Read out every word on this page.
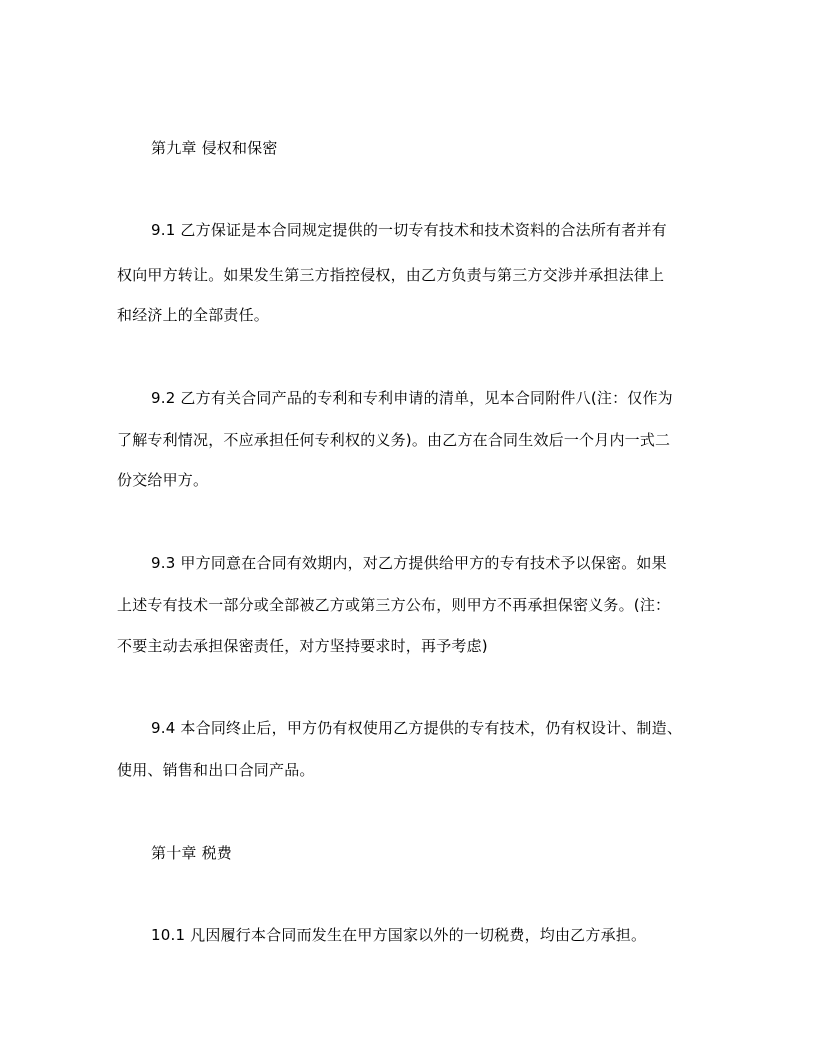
第九章 侵权和保密
9.1 乙方保证是本合同规定提供的一切专有技术和技术资料的合法所有者并有
权向甲方转让。如果发生第三方指控侵权，由乙方负责与第三方交涉并承担法律上
和经济上的全部责任。
9.2 乙方有关合同产品的专利和专利申请的清单，见本合同附件八(注：仅作为
了解专利情况，不应承担任何专利权的义务)。由乙方在合同生效后一个月内一式二
份交给甲方。
9.3 甲方同意在合同有效期内，对乙方提供给甲方的专有技术予以保密。如果
上述专有技术一部分或全部被乙方或第三方公布，则甲方不再承担保密义务。(注：
不要主动去承担保密责任，对方坚持要求时，再予考虑)
9.4 本合同终止后，甲方仍有权使用乙方提供的专有技术，仍有权设计、制造、
使用、销售和出口合同产品。
第十章 税费
10.1 凡因履行本合同而发生在甲方国家以外的一切税费，均由乙方承担。
